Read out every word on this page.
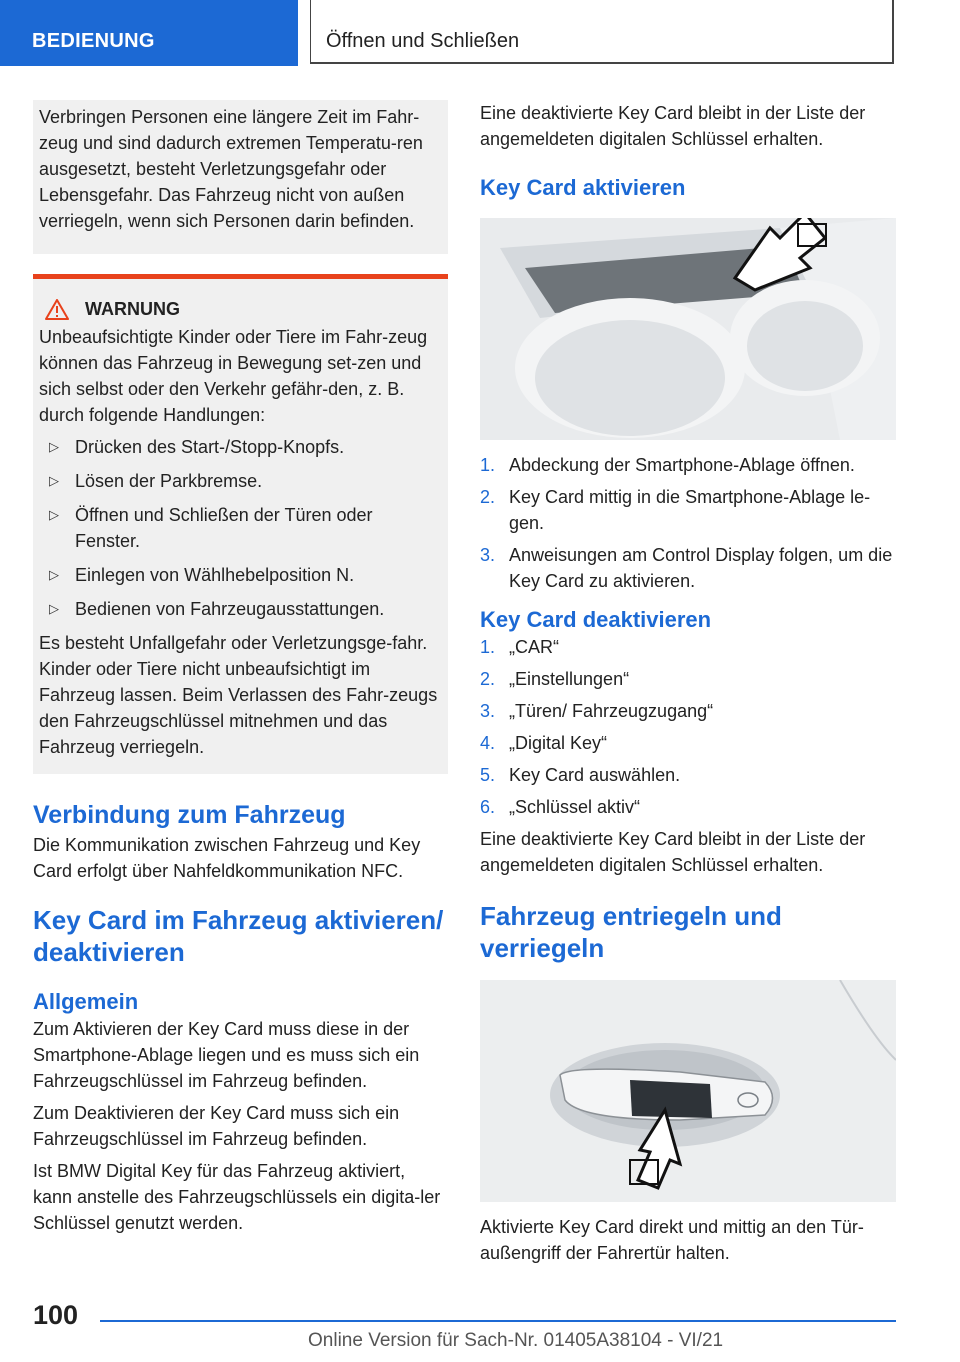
BEDIENUNG	Öffnen und Schließen

Verbringen Personen eine längere Zeit im Fahr-zeug und sind dadurch extremen Temperatu-ren ausgesetzt, besteht Verletzungsgefahr oder Lebensgefahr. Das Fahrzeug nicht von außen verriegeln, wenn sich Personen darin befinden.

WARNUNG

Unbeaufsichtigte Kinder oder Tiere im Fahr-zeug können das Fahrzeug in Bewegung set-zen und sich selbst oder den Verkehr gefähr-den, z. B. durch folgende Handlungen:

▷ Drücken des Start-/Stopp-Knopfs.
▷ Lösen der Parkbremse.
▷ Öffnen und Schließen der Türen oder Fenster.
▷ Einlegen von Wählhebelposition N.
▷ Bedienen von Fahrzeugausstattungen.

Es besteht Unfallgefahr oder Verletzungsge-fahr. Kinder oder Tiere nicht unbeaufsichtigt im Fahrzeug lassen. Beim Verlassen des Fahr-zeugs den Fahrzeugschlüssel mitnehmen und das Fahrzeug verriegeln.

Verbindung zum Fahrzeug

Die Kommunikation zwischen Fahrzeug und Key Card erfolgt über Nahfeldkommunikation NFC.

Key Card im Fahrzeug aktivieren/ deaktivieren
Allgemein

Zum Aktivieren der Key Card muss diese in der Smartphone-Ablage liegen und es muss sich ein Fahrzeugschlüssel im Fahrzeug befinden.

Zum Deaktivieren der Key Card muss sich ein Fahrzeugschlüssel im Fahrzeug befinden.

Ist BMW Digital Key für das Fahrzeug aktiviert, kann anstelle des Fahrzeugschlüssels ein digita-ler Schlüssel genutzt werden.

Eine deaktivierte Key Card bleibt in der Liste der angemeldeten digitalen Schlüssel erhalten.

Key Card aktivieren
1. Abdeckung der Smartphone-Ablage öffnen.
2. Key Card mittig in die Smartphone-Ablage le-gen.
3. Anweisungen am Control Display folgen, um die Key Card zu aktivieren.
Key Card deaktivieren
1. „CAR“
2. „Einstellungen“
3. „Türen/ Fahrzeugzugang“
4. „Digital Key“
5. Key Card auswählen.
6. „Schlüssel aktiv“

Eine deaktivierte Key Card bleibt in der Liste der angemeldeten digitalen Schlüssel erhalten.

Fahrzeug entriegeln und verriegeln

Aktivierte Key Card direkt und mittig an den Tür-außengriff der Fahrertür halten.

100
Online Version für Sach-Nr. 01405A38104 - VI/21
